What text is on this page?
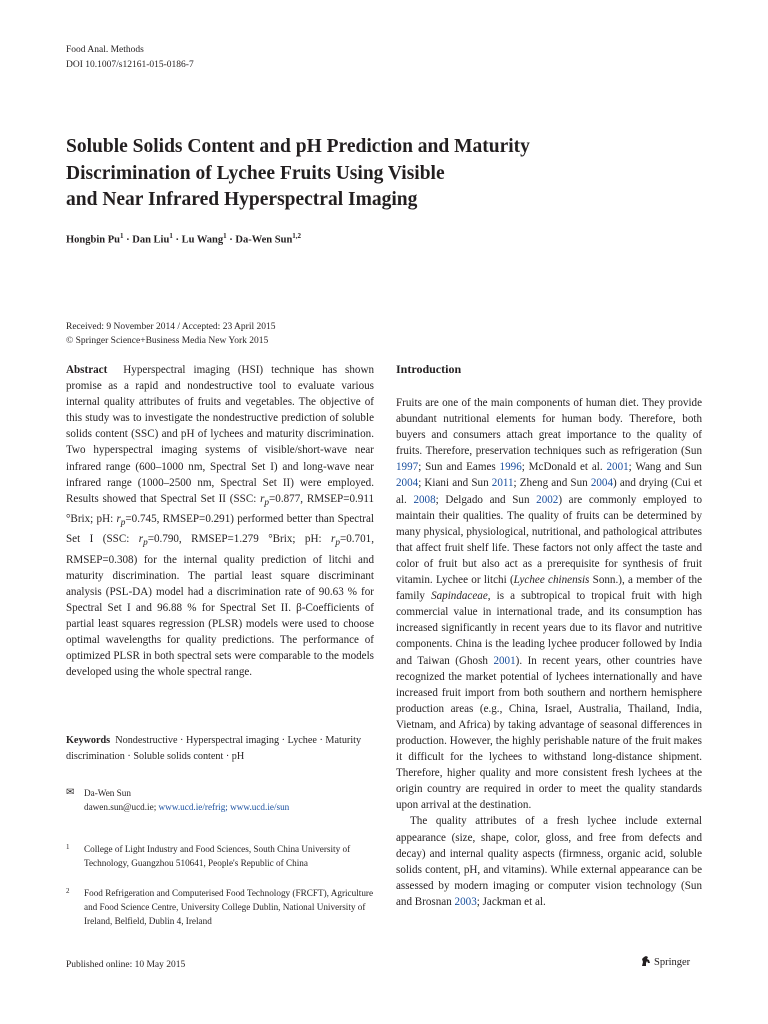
Food Anal. Methods
DOI 10.1007/s12161-015-0186-7
Soluble Solids Content and pH Prediction and Maturity
Discrimination of Lychee Fruits Using Visible
and Near Infrared Hyperspectral Imaging
Hongbin $Pu^1$ · Dan Liu$^1$ · Lu Wang$^1$ · Da-Wen Sun$^{1,2}$
Received: 9 November 2014 / Accepted: 23 April 2015
© Springer Science+Business Media New York 2015
Abstract Hyperspectral imaging (HSI) technique has shown promise as a rapid and nondestructive tool to evaluate various internal quality attributes of fruits and vegetables. The objective of this study was to investigate the nondestructive prediction of soluble solids content (SSC) and pH of lychees and maturity discrimination. Two hyperspectral imaging systems of visible/short-wave near infrared range (600–1000 nm, Spectral Set I) and long-wave near infrared range (1000–2500 nm, Spectral Set II) were employed. Results showed that Spectral Set II (SSC: $r_p=0.877$, RMSEP=0.911 °Brix; pH: $r_p=0.745$, RMSEP=0.291) performed better than Spectral Set I (SSC: $r_p=0.790$, RMSEP=1.279 °Brix; pH: $r_p=0.701$, RMSEP=0.308) for the internal quality prediction of litchi and maturity discrimination. The partial least square discriminant analysis (PSL-DA) model had a discrimination rate of 90.63 % for Spectral Set I and 96.88 % for Spectral Set II. β-Coefficients of partial least squares regression (PLSR) models were used to choose optimal wavelengths for quality predictions. The performance of optimized PLSR in both spectral sets were comparable to the models developed using the whole spectral range.
Keywords Nondestructive · Hyperspectral imaging · Lychee · Maturity discrimination · Soluble solids content · pH
✉ Da-Wen Sun
dawen.sun@ucd.ie; www.ucd.ie/refrig; www.ucd.ie/sun
1 College of Light Industry and Food Sciences, South China University of Technology, Guangzhou 510641, People's Republic of China
2 Food Refrigeration and Computerised Food Technology (FRCFT), Agriculture and Food Science Centre, University College Dublin, National University of Ireland, Belfield, Dublin 4, Ireland
Introduction
Fruits are one of the main components of human diet. They provide abundant nutritional elements for human body. Therefore, both buyers and consumers attach great importance to the quality of fruits. Therefore, preservation techniques such as refrigeration (Sun 1997; Sun and Eames 1996; McDonald et al. 2001; Wang and Sun 2004; Kiani and Sun 2011; Zheng and Sun 2004) and drying (Cui et al. 2008; Delgado and Sun 2002) are commonly employed to maintain their qualities. The quality of fruits can be determined by many physical, physiological, nutritional, and pathological attributes that affect fruit shelf life. These factors not only affect the taste and color of fruit but also act as a prerequisite for synthesis of fruit vitamin. Lychee or litchi (Lychee chinensis Sonn.), a member of the family Sapindaceae, is a subtropical to tropical fruit with high commercial value in international trade, and its consumption has increased significantly in recent years due to its flavor and nutritive components. China is the leading lychee producer followed by India and Taiwan (Ghosh 2001). In recent years, other countries have recognized the market potential of lychees internationally and have increased fruit import from both southern and northern hemisphere production areas (e.g., China, Israel, Australia, Thailand, India, Vietnam, and Africa) by taking advantage of seasonal differences in production. However, the highly perishable nature of the fruit makes it difficult for the lychees to withstand long-distance shipment. Therefore, higher quality and more consistent fresh lychees at the origin country are required in order to meet the quality standards upon arrival at the destination.
The quality attributes of a fresh lychee include external appearance (size, shape, color, gloss, and free from defects and decay) and internal quality aspects (firmness, organic acid, soluble solids content, pH, and vitamins). While external appearance can be assessed by modern imaging or computer vision technology (Sun and Brosnan 2003; Jackman et al.
Published online: 10 May 2015	Springer
